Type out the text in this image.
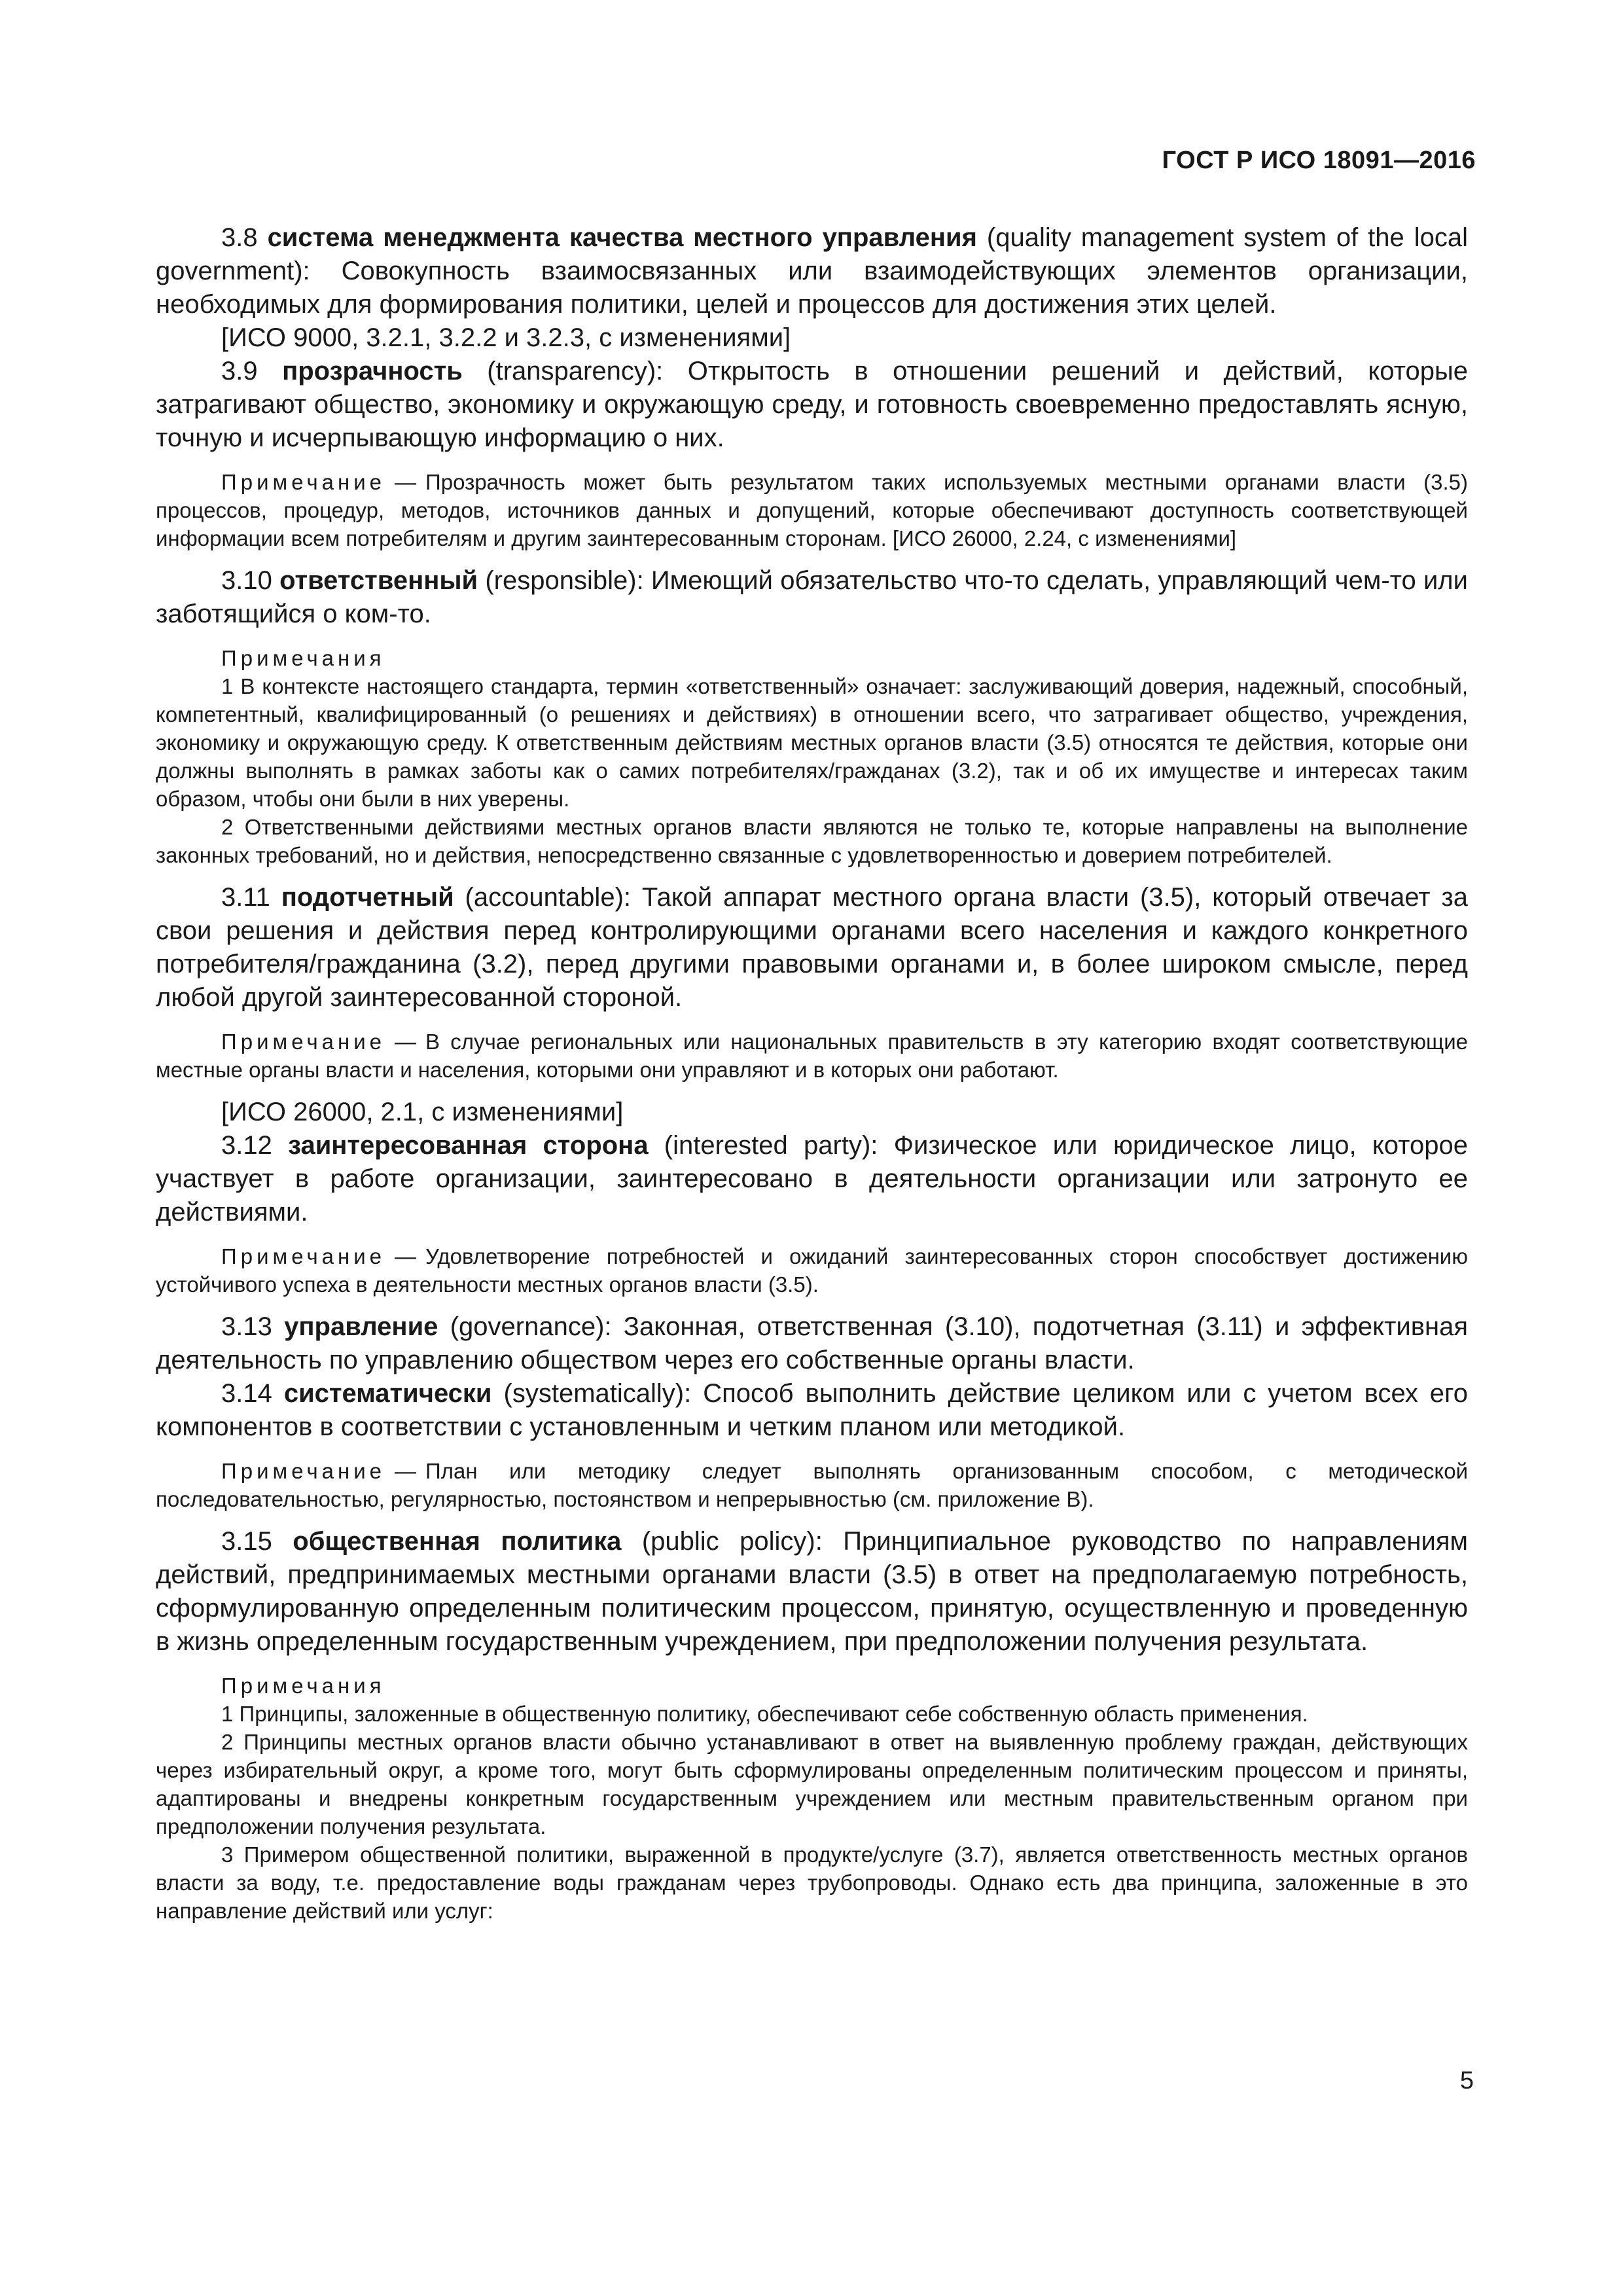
ГОСТ Р ИСО 18091—2016

3.8 система менеджмента качества местного управления (quality management system of the local government): Совокупность взаимосвязанных или взаимодействующих элементов организации, необходимых для формирования политики, целей и процессов для достижения этих целей.

[ИСО 9000, 3.2.1, 3.2.2 и 3.2.3, с изменениями]

3.9 прозрачность (transparency): Открытость в отношении решений и действий, которые затрагивают общество, экономику и окружающую среду, и готовность своевременно предоставлять ясную, точную и исчерпывающую информацию о них.

Примечание — Прозрачность может быть результатом таких используемых местными органами власти (3.5) процессов, процедур, методов, источников данных и допущений, которые обеспечивают доступность соответствующей информации всем потребителям и другим заинтересованным сторонам. [ИСО 26000, 2.24, с изменениями]

3.10 ответственный (responsible): Имеющий обязательство что-то сделать, управляющий чем-то или заботящийся о ком-то.

Примечания

1 В контексте настоящего стандарта, термин «ответственный» означает: заслуживающий доверия, надежный, способный, компетентный, квалифицированный (о решениях и действиях) в отношении всего, что затрагивает общество, учреждения, экономику и окружающую среду. К ответственным действиям местных органов власти (3.5) относятся те действия, которые они должны выполнять в рамках заботы как о самих потребителях/гражданах (3.2), так и об их имуществе и интересах таким образом, чтобы они были в них уверены.

2 Ответственными действиями местных органов власти являются не только те, которые направлены на выполнение законных требований, но и действия, непосредственно связанные с удовлетворенностью и доверием потребителей.

3.11 подотчетный (accountable): Такой аппарат местного органа власти (3.5), который отвечает за свои решения и действия перед контролирующими органами всего населения и каждого конкретного потребителя/гражданина (3.2), перед другими правовыми органами и, в более широком смысле, перед любой другой заинтересованной стороной.

Примечание — В случае региональных или национальных правительств в эту категорию входят соответствующие местные органы власти и населения, которыми они управляют и в которых они работают.

[ИСО 26000, 2.1, с изменениями]

3.12 заинтересованная сторона (interested party): Физическое или юридическое лицо, которое участвует в работе организации, заинтересовано в деятельности организации или затронуто ее действиями.

Примечание — Удовлетворение потребностей и ожиданий заинтересованных сторон способствует достижению устойчивого успеха в деятельности местных органов власти (3.5).

3.13 управление (governance): Законная, ответственная (3.10), подотчетная (3.11) и эффективная деятельность по управлению обществом через его собственные органы власти.

3.14 систематически (systematically): Способ выполнить действие целиком или с учетом всех его компонентов в соответствии с установленным и четким планом или методикой.

Примечание — План или методику следует выполнять организованным способом, с методической последовательностью, регулярностью, постоянством и непрерывностью (см. приложение В).

3.15 общественная политика (public policy): Принципиальное руководство по направлениям действий, предпринимаемых местными органами власти (3.5) в ответ на предполагаемую потребность, сформулированную определенным политическим процессом, принятую, осуществленную и проведенную в жизнь определенным государственным учреждением, при предположении получения результата.

Примечания

1 Принципы, заложенные в общественную политику, обеспечивают себе собственную область применения.

2 Принципы местных органов власти обычно устанавливают в ответ на выявленную проблему граждан, действующих через избирательный округ, а кроме того, могут быть сформулированы определенным политическим процессом и приняты, адаптированы и внедрены конкретным государственным учреждением или местным правительственным органом при предположении получения результата.

3 Примером общественной политики, выраженной в продукте/услуге (3.7), является ответственность местных органов власти за воду, т.е. предоставление воды гражданам через трубопроводы. Однако есть два принципа, заложенные в это направление действий или услуг:

5
